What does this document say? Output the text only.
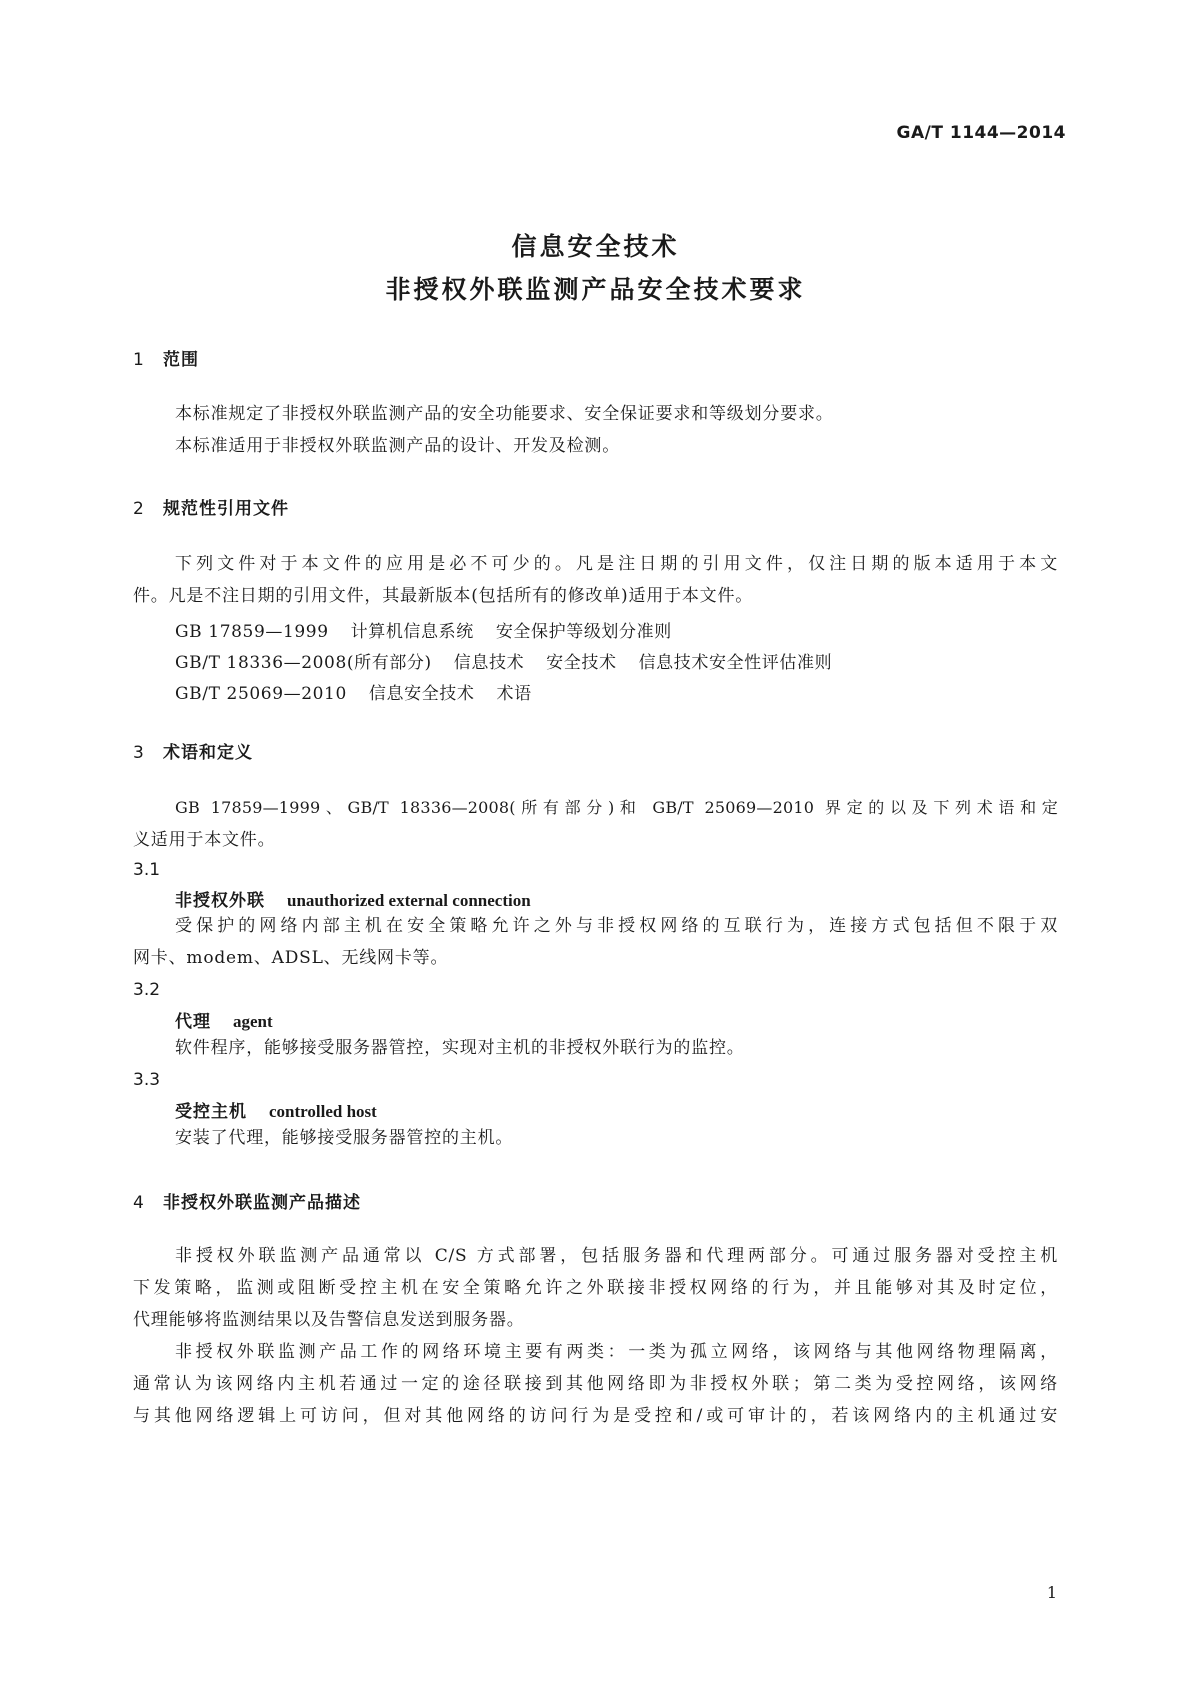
GA/T 1144—2014
信息安全技术
非授权外联监测产品安全技术要求
1 范围
本标准规定了非授权外联监测产品的安全功能要求、安全保证要求和等级划分要求。
本标准适用于非授权外联监测产品的设计、开发及检测。
2 规范性引用文件
下列文件对于本文件的应用是必不可少的。凡是注日期的引用文件，仅注日期的版本适用于本文
件。凡是不注日期的引用文件，其最新版本(包括所有的修改单)适用于本文件。
GB 17859—1999 计算机信息系统 安全保护等级划分准则
GB/T 18336—2008(所有部分) 信息技术 安全技术 信息技术安全性评估准则
GB/T 25069—2010 信息安全技术 术语
3 术语和定义
GB 17859—1999、GB/T 18336—2008(所有部分)和 GB/T 25069—2010 界定的以及下列术语和定
义适用于本文件。
3.1
非授权外联 unauthorized external connection
受保护的网络内部主机在安全策略允许之外与非授权网络的互联行为，连接方式包括但不限于双
网卡、modem、ADSL、无线网卡等。
3.2
代理 agent
软件程序，能够接受服务器管控，实现对主机的非授权外联行为的监控。
3.3
受控主机 controlled host
安装了代理，能够接受服务器管控的主机。
4 非授权外联监测产品描述
非授权外联监测产品通常以 C/S 方式部署，包括服务器和代理两部分。可通过服务器对受控主机
下发策略，监测或阻断受控主机在安全策略允许之外联接非授权网络的行为，并且能够对其及时定位，
代理能够将监测结果以及告警信息发送到服务器。
非授权外联监测产品工作的网络环境主要有两类：一类为孤立网络，该网络与其他网络物理隔离，
通常认为该网络内主机若通过一定的途径联接到其他网络即为非授权外联；第二类为受控网络，该网络
与其他网络逻辑上可访问，但对其他网络的访问行为是受控和/或可审计的，若该网络内的主机通过安
1
